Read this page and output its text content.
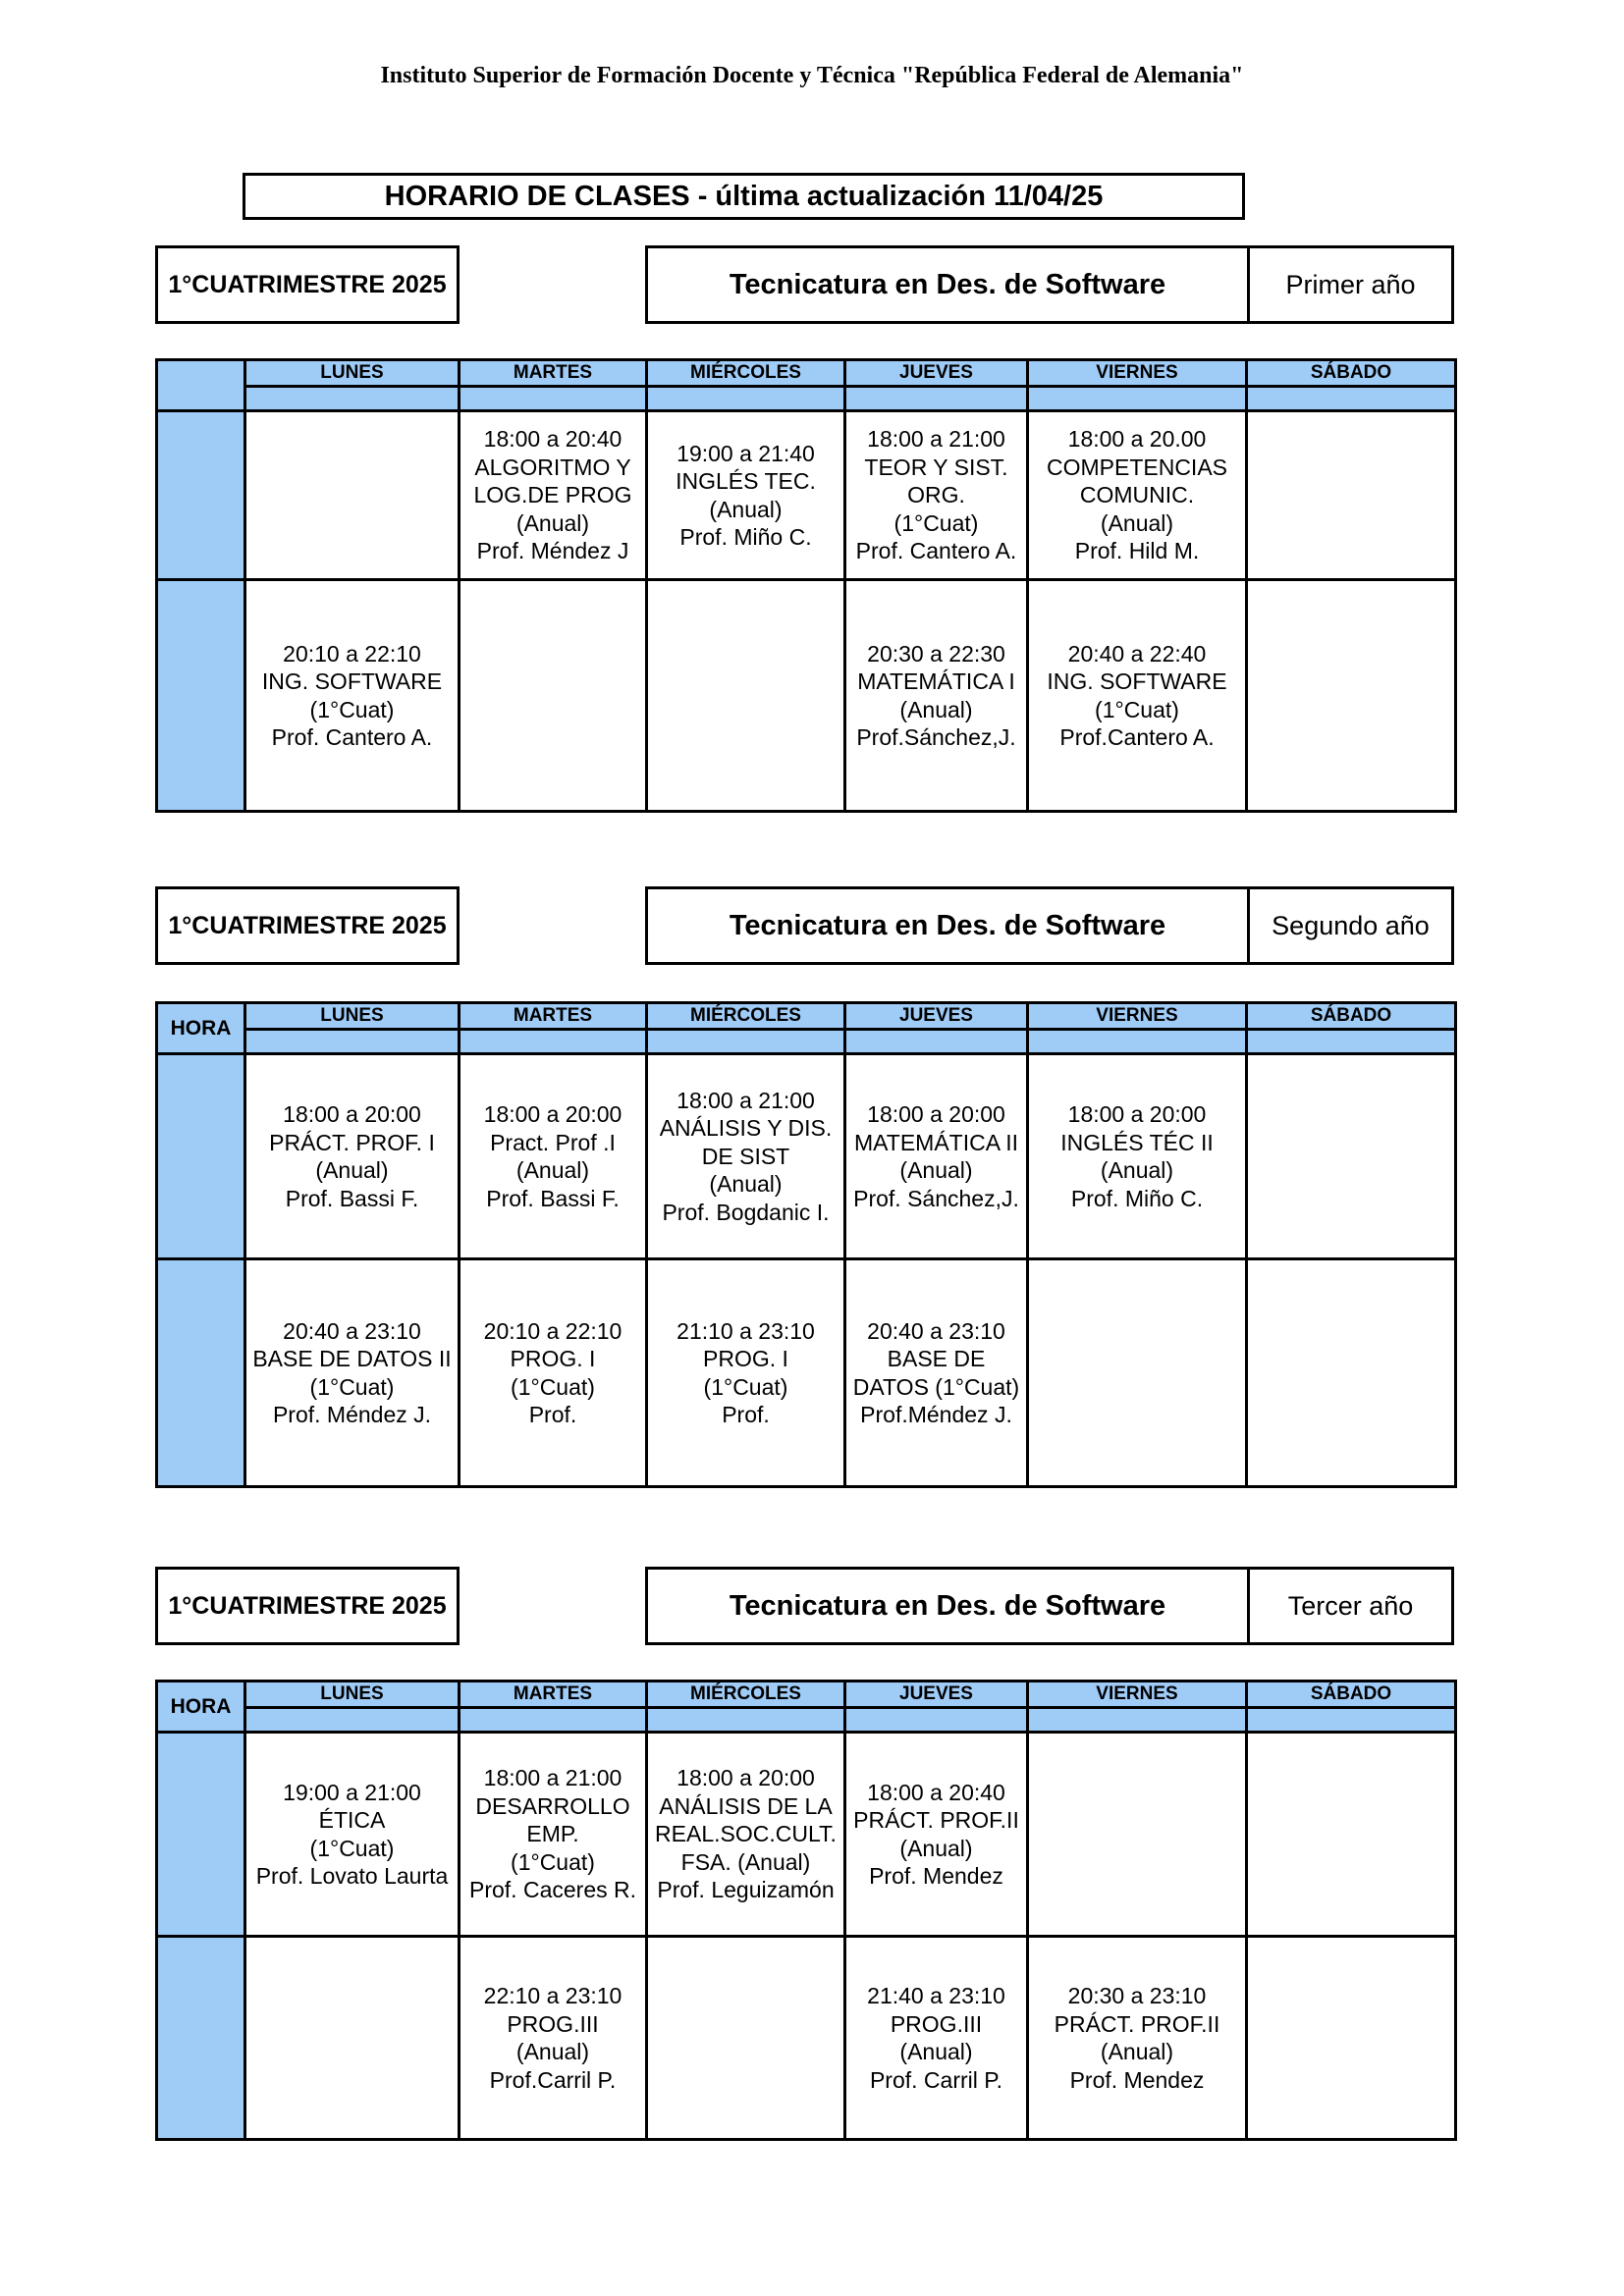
Instituto Superior de Formación Docente y Técnica "República Federal de Alemania"
HORARIO DE CLASES - última actualización 11/04/25
1°CUATRIMESTRE 2025	Tecnicatura en Des. de Software	Primer año
	LUNES	MARTES	MIÉRCOLES	JUEVES	VIERNES	SÁBADO

		18:00 a 20:40
ALGORITMO Y
LOG.DE PROG
(Anual)
Prof. Méndez J	19:00 a 21:40
INGLÉS TEC.
(Anual)
Prof. Miño C.	18:00 a 21:00
TEOR Y SIST.
ORG.
(1°Cuat)
Prof. Cantero A.	18:00 a 20.00
COMPETENCIAS
COMUNIC.
(Anual)
Prof. Hild M.	

	20:10 a 22:10
ING. SOFTWARE
(1°Cuat)
Prof. Cantero A.			20:30 a 22:30
MATEMÁTICA I
(Anual)
Prof.Sánchez,J.	20:40 a 22:40
ING. SOFTWARE
(1°Cuat)
Prof.Cantero A.	

1°CUATRIMESTRE 2025	Tecnicatura en Des. de Software	Segundo año
HORA	LUNES	MARTES	MIÉRCOLES	JUEVES	VIERNES	SÁBADO

	18:00 a 20:00
PRÁCT. PROF. I
(Anual)
Prof. Bassi F.	18:00 a 20:00
Pract. Prof .I
(Anual)
Prof. Bassi F.	18:00 a 21:00
ANÁLISIS Y DIS.
DE SIST
(Anual)
Prof. Bogdanic I.	18:00 a 20:00
MATEMÁTICA II
(Anual)
Prof. Sánchez,J.	18:00 a 20:00
INGLÉS TÉC II
(Anual)
Prof. Miño C.	

	20:40 a 23:10
BASE DE DATOS II
(1°Cuat)
Prof. Méndez J.	20:10 a 22:10
PROG. I
(1°Cuat)
Prof.	21:10 a 23:10
PROG. I
(1°Cuat)
Prof.	20:40 a 23:10
BASE DE
DATOS (1°Cuat)
Prof.Méndez J.		

1°CUATRIMESTRE 2025	Tecnicatura en Des. de Software	Tercer año
HORA	LUNES	MARTES	MIÉRCOLES	JUEVES	VIERNES	SÁBADO

	19:00 a 21:00
ÉTICA
(1°Cuat)
Prof. Lovato Laurta	18:00 a 21:00
DESARROLLO
EMP.
(1°Cuat)
Prof. Caceres R.	18:00 a 20:00
ANÁLISIS DE LA
REAL.SOC.CULT.
FSA. (Anual)
Prof. Leguizamón	18:00 a 20:40
PRÁCT. PROF.II
(Anual)
Prof. Mendez		

		22:10 a 23:10
PROG.III
(Anual)
Prof.Carril P.		21:40 a 23:10
PROG.III
(Anual)
Prof. Carril P.	20:30 a 23:10
PRÁCT. PROF.II
(Anual)
Prof. Mendez	
